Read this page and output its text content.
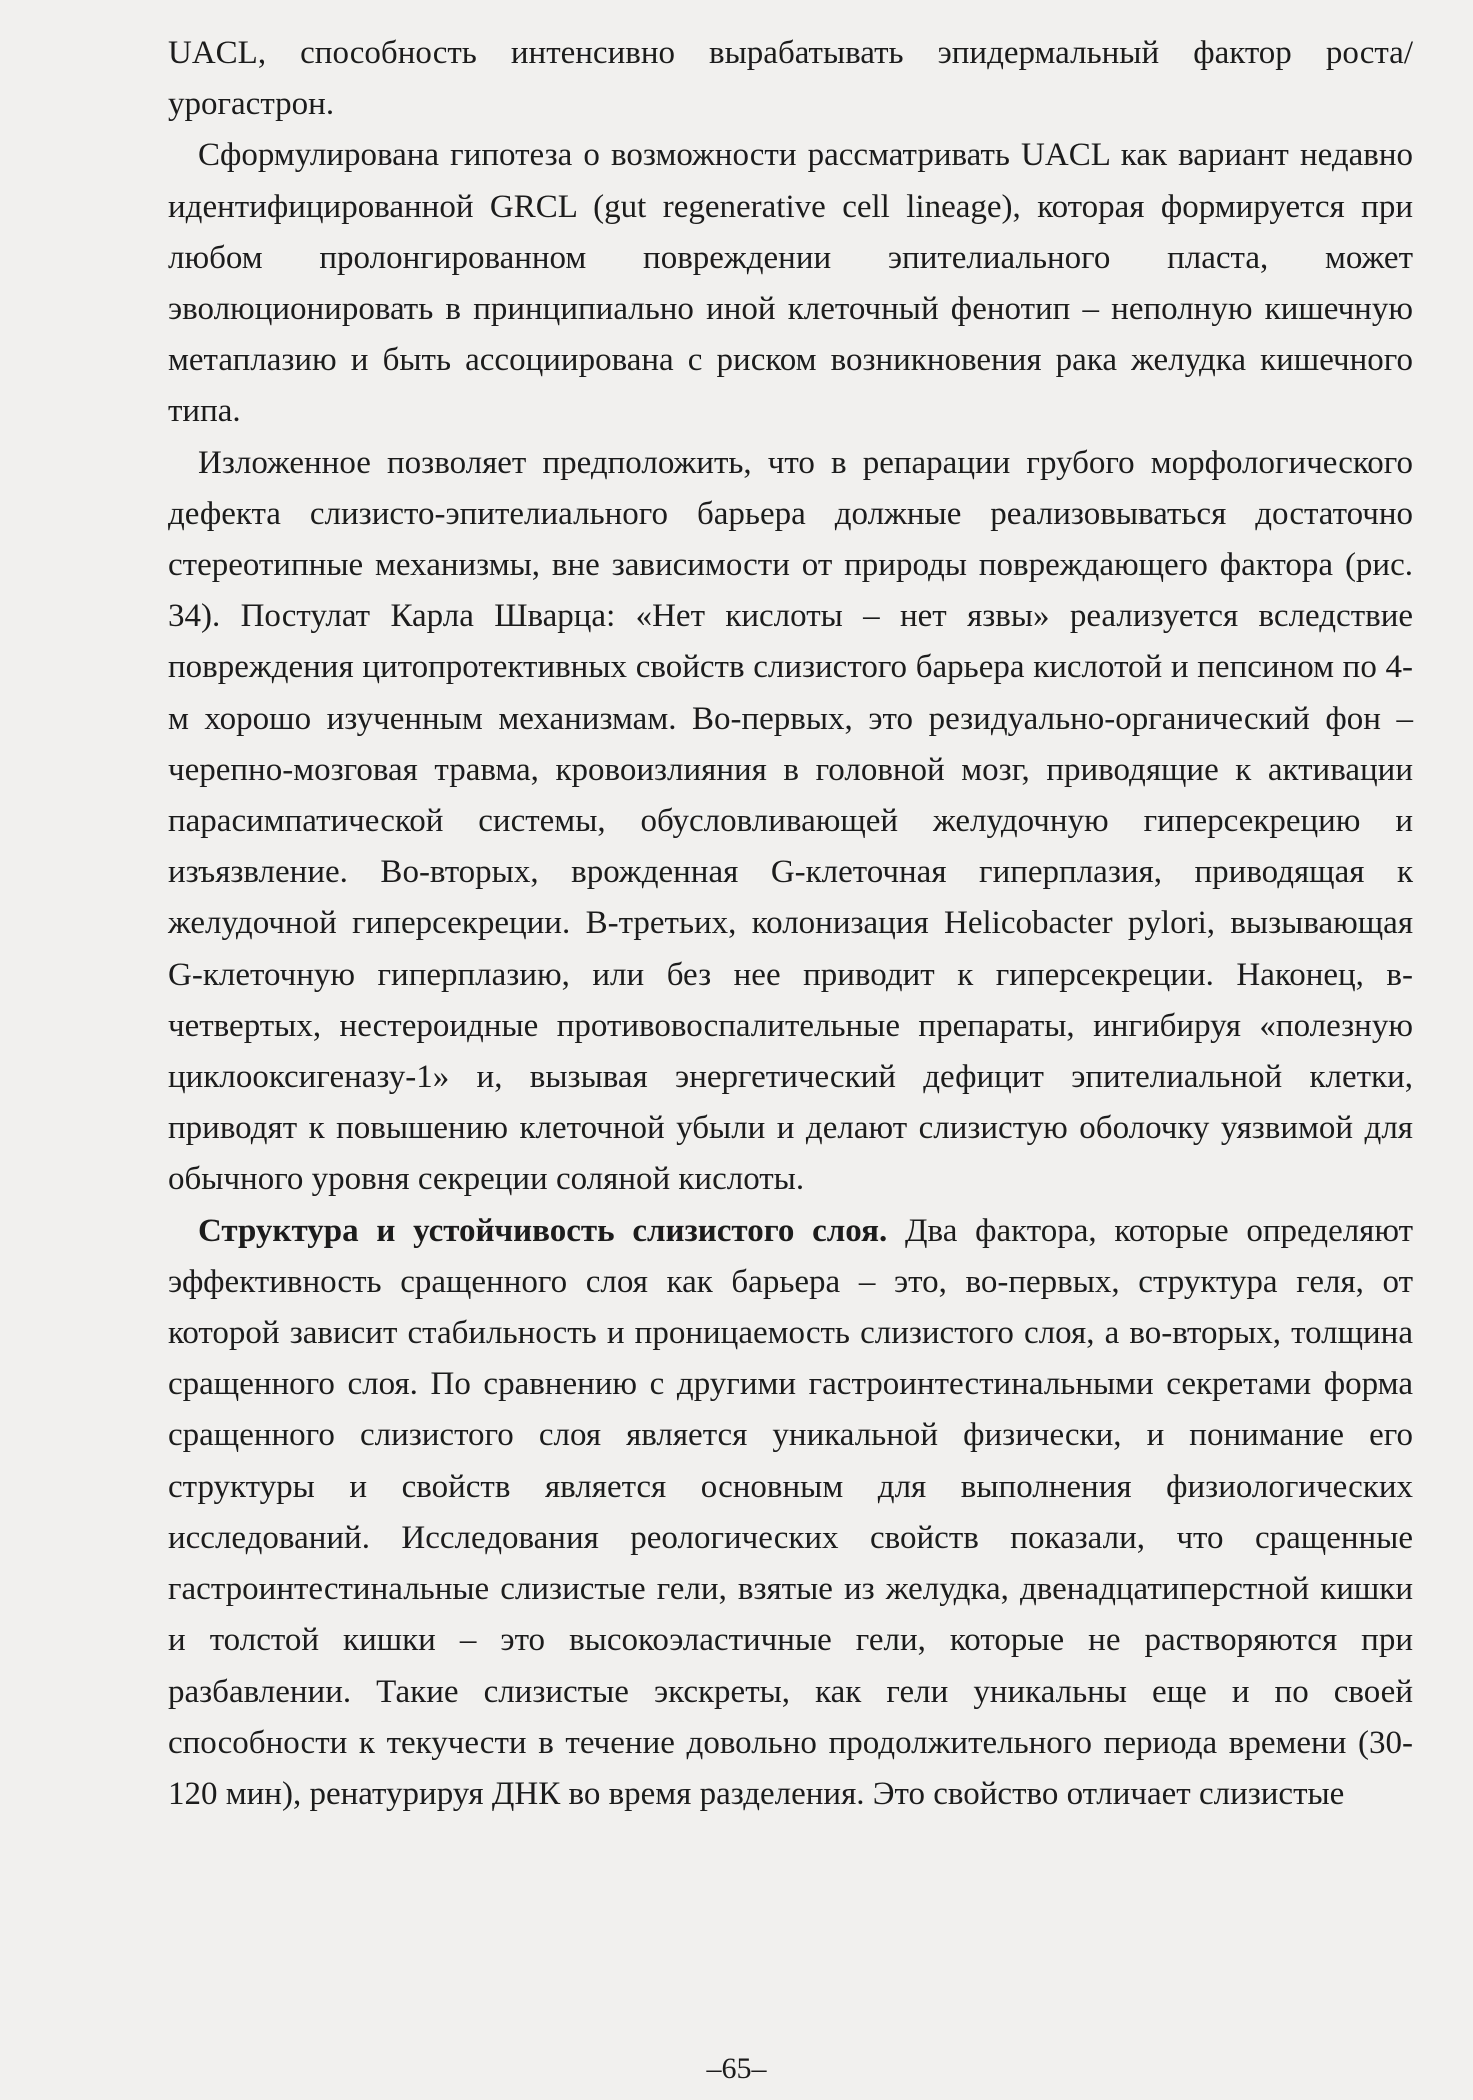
UACL, способность интенсивно вырабатывать эпидермальный фактор роста/урогастрон.

Сформулирована гипотеза о возможности рассматривать UACL как вариант недавно идентифицированной GRCL (gut regenerative cell lineage), которая формируется при любом пролонгированном повреждении эпителиального пласта, может эволюционировать в принципиально иной клеточный фенотип – неполную кишечную метаплазию и быть ассоциирована с риском возникновения рака желудка кишечного типа.

Изложенное позволяет предположить, что в репарации грубого морфологического дефекта слизисто-эпителиального барьера должные реализовываться достаточно стереотипные механизмы, вне зависимости от природы повреждающего фактора (рис. 34). Постулат Карла Шварца: «Нет кислоты – нет язвы» реализуется вследствие повреждения цитопротективных свойств слизистого барьера кислотой и пепсином по 4-м хорошо изученным механизмам. Во-первых, это резидуально-органический фон – черепно-мозговая травма, кровоизлияния в головной мозг, приводящие к активации парасимпатической системы, обусловливающей желудочную гиперсекрецию и изъязвление. Во-вторых, врожденная G-клеточная гиперплазия, приводящая к желудочной гиперсекреции. В-третьих, колонизация Helicobacter pylori, вызывающая G-клеточную гиперплазию, или без нее приводит к гиперсекреции. Наконец, в-четвертых, нестероидные противовоспалительные препараты, ингибируя «полезную циклооксигеназу-1» и, вызывая энергетический дефицит эпителиальной клетки, приводят к повышению клеточной убыли и делают слизистую оболочку уязвимой для обычного уровня секреции соляной кислоты.

Структура и устойчивость слизистого слоя. Два фактора, которые определяют эффективность сращенного слоя как барьера – это, во-первых, структура геля, от которой зависит стабильность и проницаемость слизистого слоя, а во-вторых, толщина сращенного слоя. По сравнению с другими гастроинтестинальными секретами форма сращенного слизистого слоя является уникальной физически, и понимание его структуры и свойств является основным для выполнения физиологических исследований. Исследования реологических свойств показали, что сращенные гастроинтестинальные слизистые гели, взятые из желудка, двенадцатиперстной кишки и толстой кишки – это высокоэластичные гели, которые не растворяются при разбавлении. Такие слизистые экскреты, как гели уникальны еще и по своей способности к текучести в течение довольно продолжительного периода времени (30-120 мин), ренатурируя ДНК во время разделения. Это свойство отличает слизистые

–65–
